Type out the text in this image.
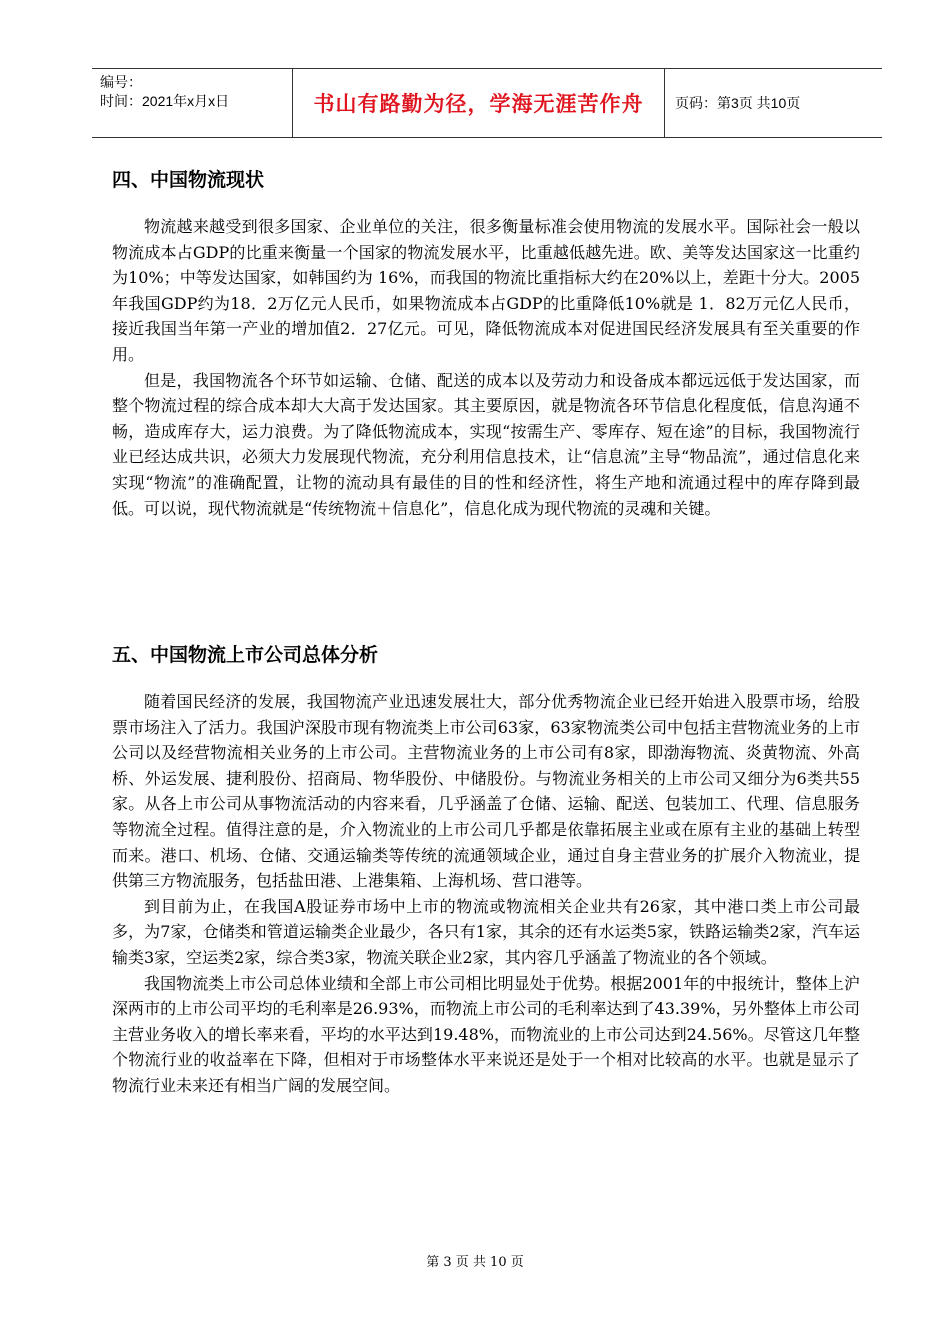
编号：
时间：2021年x月x日	书山有路勤为径，学海无涯苦作舟	页码：第3页 共10页
四、中国物流现状

物流越来越受到很多国家、企业单位的关注，很多衡量标准会使用物流的发展水平。国际社会一般以物流成本占GDP的比重来衡量一个国家的物流发展水平，比重越低越先进。欧、美等发达国家这一比重约为10%；中等发达国家，如韩国约为 16%，而我国的物流比重指标大约在20%以上，差距十分大。2005年我国GDP约为18．2万亿元人民币，如果物流成本占GDP的比重降低10%就是 1．82万元亿人民币，接近我国当年第一产业的增加值2．27亿元。可见，降低物流成本对促进国民经济发展具有至关重要的作用。

但是，我国物流各个环节如运输、仓储、配送的成本以及劳动力和设备成本都远远低于发达国家，而整个物流过程的综合成本却大大高于发达国家。其主要原因，就是物流各环节信息化程度低，信息沟通不畅，造成库存大，运力浪费。为了降低物流成本，实现“按需生产、零库存、短在途”的目标，我国物流行业已经达成共识，必须大力发展现代物流，充分利用信息技术，让“信息流”主导“物品流”，通过信息化来实现“物流”的准确配置，让物的流动具有最佳的目的性和经济性，将生产地和流通过程中的库存降到最低。可以说，现代物流就是“传统物流＋信息化”，信息化成为现代物流的灵魂和关键。

五、中国物流上市公司总体分析

随着国民经济的发展，我国物流产业迅速发展壮大，部分优秀物流企业已经开始进入股票市场，给股票市场注入了活力。我国沪深股市现有物流类上市公司63家，63家物流类公司中包括主营物流业务的上市公司以及经营物流相关业务的上市公司。主营物流业务的上市公司有8家，即渤海物流、炎黄物流、外高桥、外运发展、捷利股份、招商局、物华股份、中储股份。与物流业务相关的上市公司又细分为6类共55家。从各上市公司从事物流活动的内容来看，几乎涵盖了仓储、运输、配送、包装加工、代理、信息服务等物流全过程。值得注意的是，介入物流业的上市公司几乎都是依靠拓展主业或在原有主业的基础上转型而来。港口、机场、仓储、交通运输类等传统的流通领域企业，通过自身主营业务的扩展介入物流业，提供第三方物流服务，包括盐田港、上港集箱、上海机场、营口港等。

到目前为止，在我国A股证券市场中上市的物流或物流相关企业共有26家，其中港口类上市公司最多，为7家，仓储类和管道运输类企业最少，各只有1家，其余的还有水运类5家，铁路运输类2家，汽车运输类3家，空运类2家，综合类3家，物流关联企业2家，其内容几乎涵盖了物流业的各个领域。

我国物流类上市公司总体业绩和全部上市公司相比明显处于优势。根据2001年的中报统计，整体上沪深两市的上市公司平均的毛利率是26.93%，而物流上市公司的毛利率达到了43.39%，另外整体上市公司主营业务收入的增长率来看，平均的水平达到19.48%，而物流业的上市公司达到24.56%。尽管这几年整个物流行业的收益率在下降，但相对于市场整体水平来说还是处于一个相对比较高的水平。也就是显示了物流行业未来还有相当广阔的发展空间。

第 3 页 共 10 页
